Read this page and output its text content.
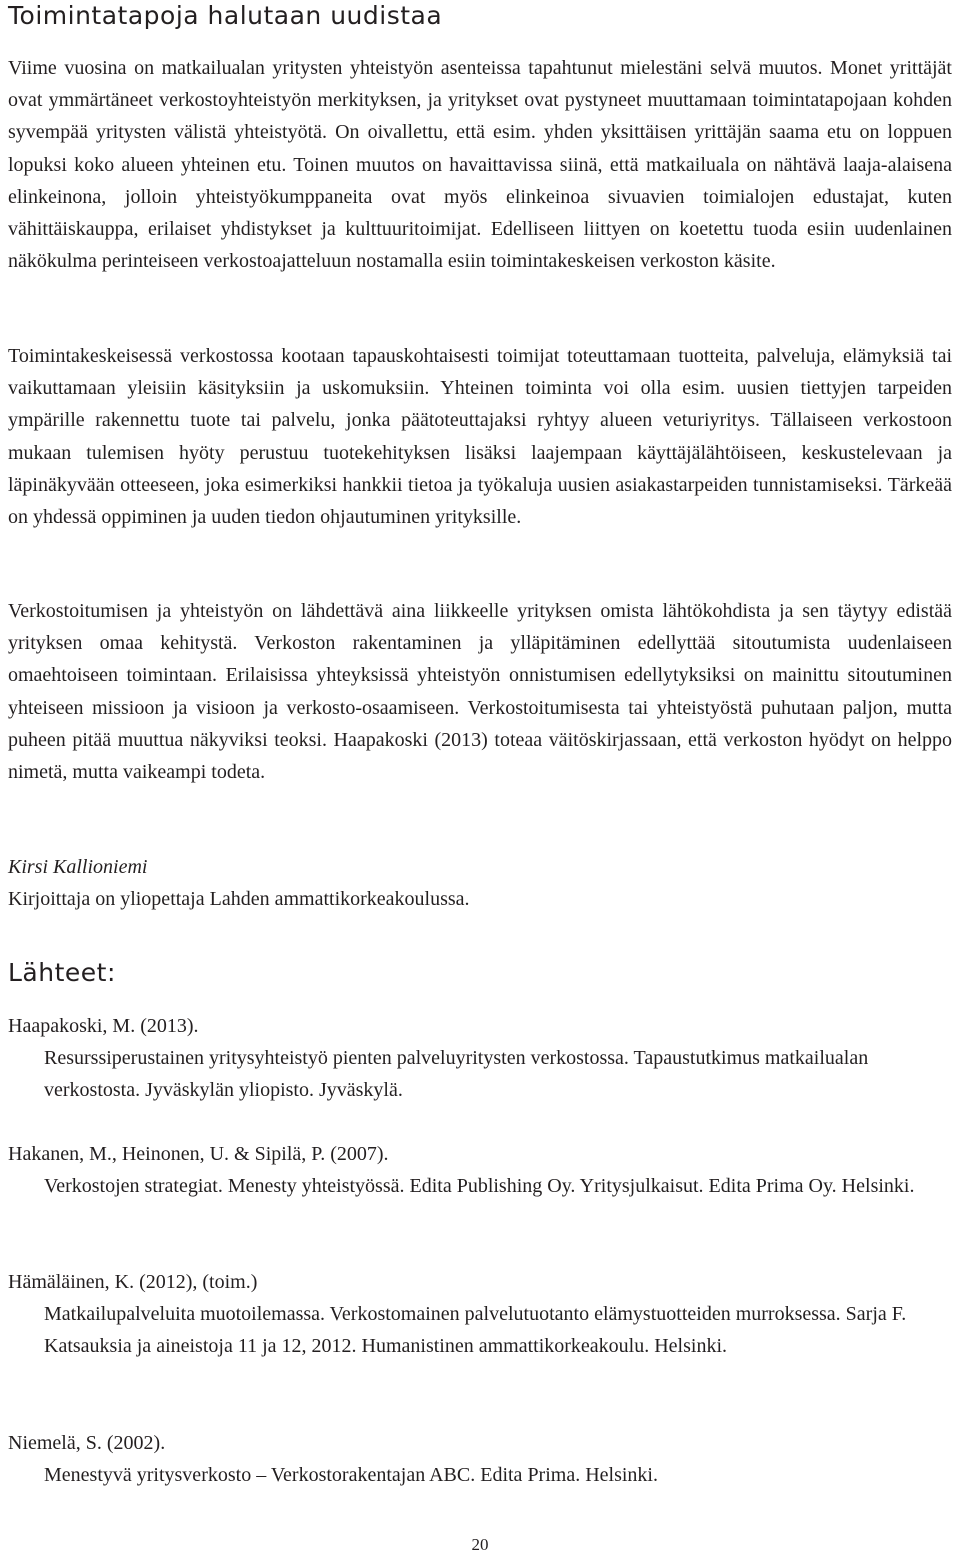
Toimintatapoja halutaan uudistaa

Viime vuosina on matkailualan yritysten yhteistyön asenteissa tapahtunut mielestäni selvä muutos. Monet yrittäjät ovat ymmärtäneet verkostoyhteistyön merkityksen, ja yritykset ovat pystyneet muuttamaan toimintatapojaan kohden syvempää yritysten välistä yhteistyötä. On oivallettu, että esim. yhden yksittäisen yrittäjän saama etu on loppuen lopuksi koko alueen yhteinen etu. Toinen muutos on havaittavissa siinä, että matkailuala on nähtävä laaja-alaisena elinkeinona, jolloin yhteistyökumppaneita ovat myös elinkeinoa sivuavien toimialojen edustajat, kuten vähittäiskauppa, erilaiset yhdistykset ja kulttuuritoimijat. Edelliseen liittyen on koetettu tuoda esiin uudenlainen näkökulma perinteiseen verkostoajatteluun nostamalla esiin toimintakeskeisen verkoston käsite.

Toimintakeskeisessä verkostossa kootaan tapauskohtaisesti toimijat toteuttamaan tuotteita, palveluja, elämyksiä tai vaikuttamaan yleisiin käsityksiin ja uskomuksiin. Yhteinen toiminta voi olla esim. uusien tiettyjen tarpeiden ympärille rakennettu tuote tai palvelu, jonka päätoteuttajaksi ryhtyy alueen veturiyritys. Tällaiseen verkostoon mukaan tulemisen hyöty perustuu tuotekehityksen lisäksi laajempaan käyttäjälähtöiseen, keskustelevaan ja läpinäkyvään otteeseen, joka esimerkiksi hankkii tietoa ja työkaluja uusien asiakastarpeiden tunnistamiseksi. Tärkeää on yhdessä oppiminen ja uuden tiedon ohjautuminen yrityksille.

Verkostoitumisen ja yhteistyön on lähdettävä aina liikkeelle yrityksen omista lähtökohdista ja sen täytyy edistää yrityksen omaa kehitystä. Verkoston rakentaminen ja ylläpitäminen edellyttää sitoutumista uudenlaiseen omaehtoiseen toimintaan. Erilaisissa yhteyksissä yhteistyön onnistumisen edellytyksiksi on mainittu sitoutuminen yhteiseen missioon ja visioon ja verkosto-osaamiseen. Verkostoitumisesta tai yhteistyöstä puhutaan paljon, mutta puheen pitää muuttua näkyviksi teoksi. Haapakoski (2013) toteaa väitöskirjassaan, että verkoston hyödyt on helppo nimetä, mutta vaikeampi todeta.

Kirsi Kallioniemi
Kirjoittaja on yliopettaja Lahden ammattikorkeakoulussa.
Lähteet:
Haapakoski, M. (2013).
Resurssiperustainen yritysyhteistyö pienten palveluyritysten verkostossa. Tapaustutkimus matkailualan verkostosta. Jyväskylän yliopisto. Jyväskylä.
Hakanen, M., Heinonen, U. & Sipilä, P. (2007).
Verkostojen strategiat. Menesty yhteistyössä. Edita Publishing Oy. Yritysjulkaisut. Edita Prima Oy. Helsinki.
Hämäläinen, K. (2012), (toim.)
Matkailupalveluita muotoilemassa. Verkostomainen palvelutuotanto elämystuotteiden murroksessa. Sarja F. Katsauksia ja aineistoja 11 ja 12, 2012. Humanistinen ammattikorkeakoulu. Helsinki.
Niemelä, S. (2002).
Menestyvä yritysverkosto – Verkostorakentajan ABC. Edita Prima. Helsinki.
20
